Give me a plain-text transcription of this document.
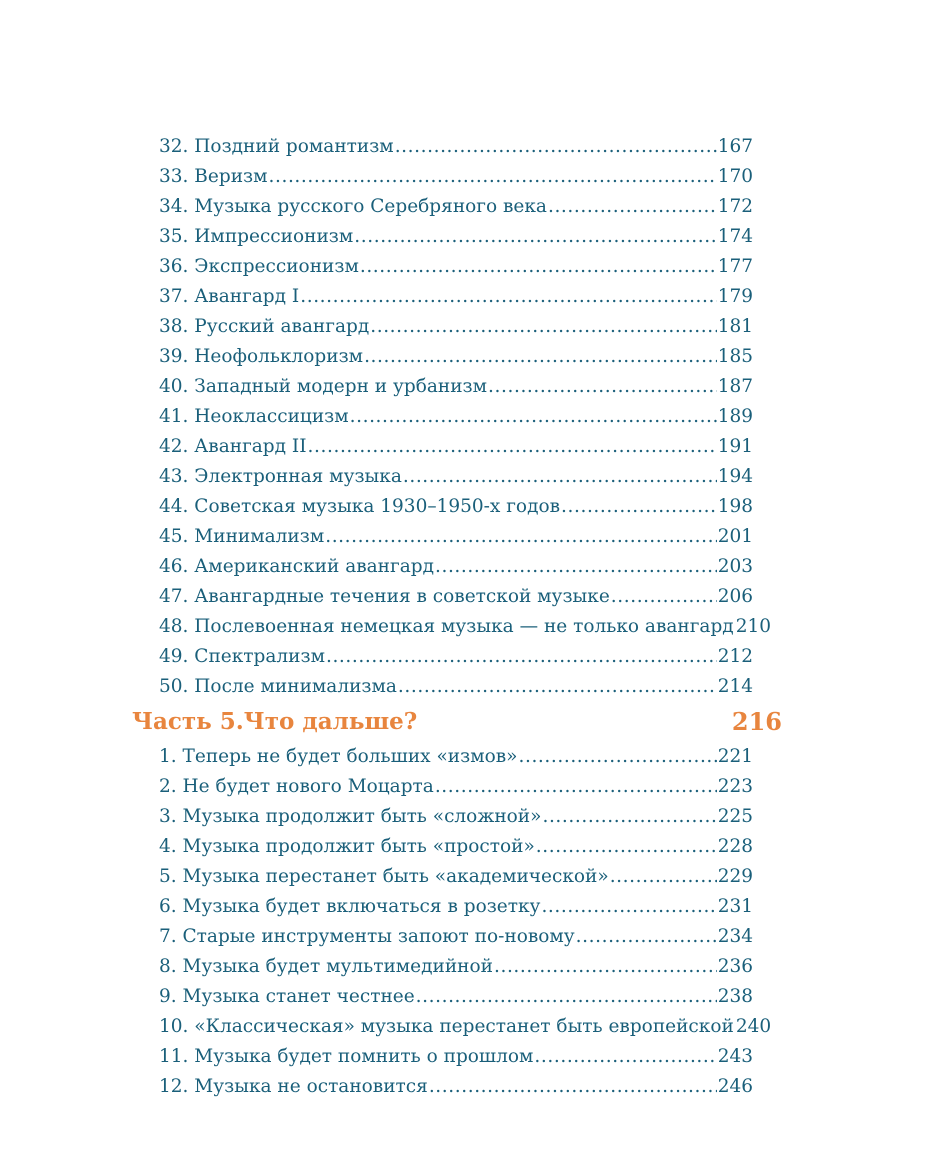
32. Поздний романтизм .....	167
33. Веризм .....	170
34. Музыка русского Серебряного века .....	172
35. Импрессионизм .....	174
36. Экспрессионизм .....	177
37. Авангард I .....	179
38. Русский авангард .....	181
39. Неофольклоризм .....	185
40. Западный модерн и урбанизм .....	187
41. Неоклассицизм .....	189
42. Авангард II .....	191
43. Электронная музыка .....	194
44. Советская музыка 1930–1950-х годов .....	198
45. Минимализм .....	201
46. Американский авангард .....	203
47. Авангардные течения в советской музыке .....	206
48. Послевоенная немецкая музыка — не только авангард 210
49. Спектрализм .....	212
50. После минимализма .....	214
Часть 5.Что дальше?	216
1. Теперь не будет больших «измов» .....	221
2. Не будет нового Моцарта .....	223
3. Музыка продолжит быть «сложной» .....	225
4. Музыка продолжит быть «простой» .....	228
5. Музыка перестанет быть «академической» .....	229
6. Музыка будет включаться в розетку .....	231
7. Старые инструменты запоют по-новому .....	234
8. Музыка будет мультимедийной .....	236
9. Музыка станет честнее .....	238
10. «Классическая» музыка перестанет быть европейской 240
11. Музыка будет помнить о прошлом .....	243
12. Музыка не остановится .....	246
